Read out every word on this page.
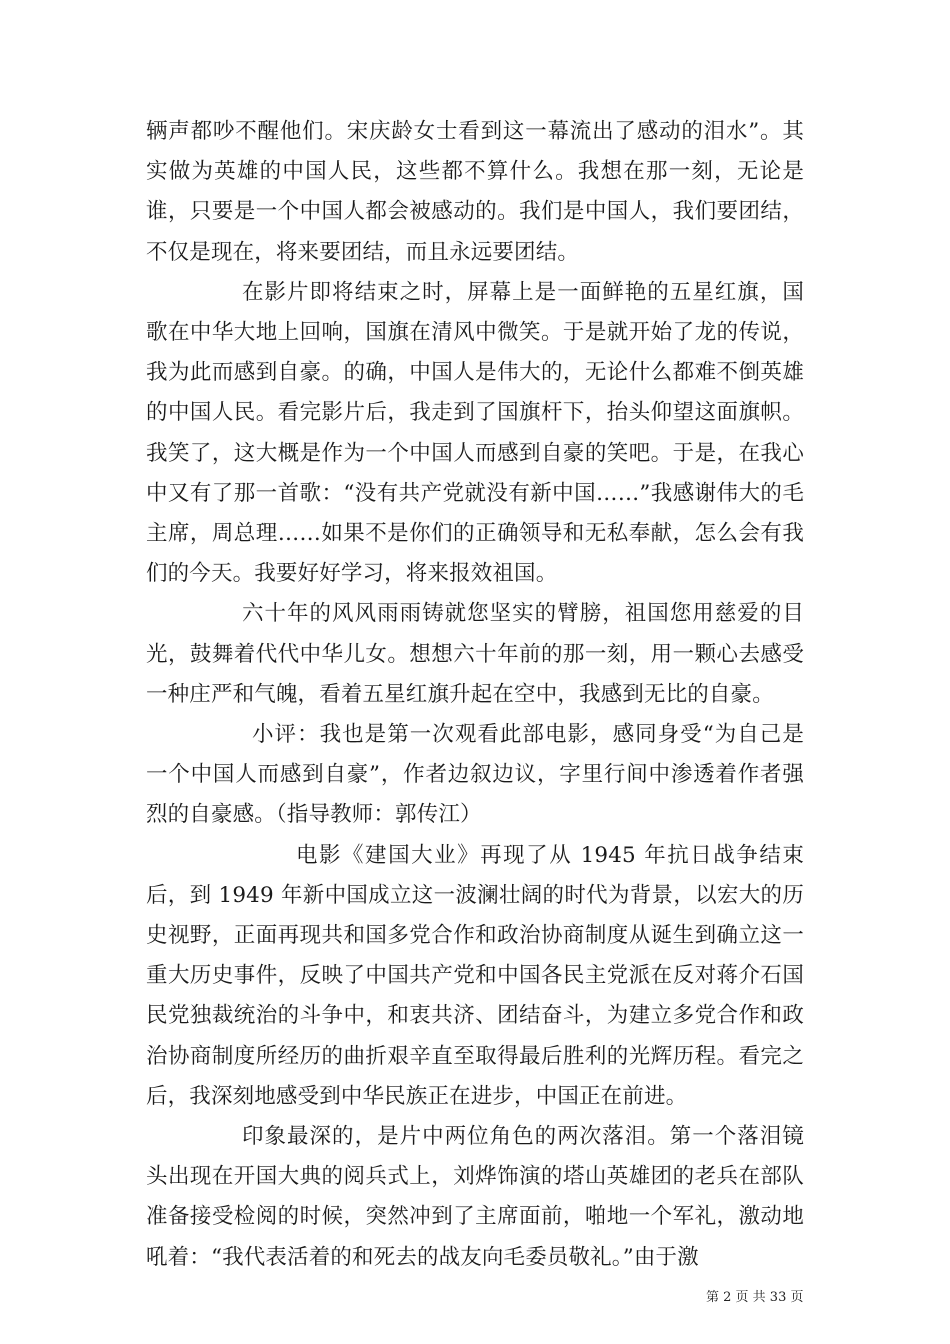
辆声都吵不醒他们。宋庆龄女士看到这一幕流出了感动的泪水”。其实做为英雄的中国人民，这些都不算什么。我想在那一刻，无论是谁，只要是一个中国人都会被感动的。我们是中国人，我们要团结，不仅是现在，将来要团结，而且永远要团结。

在影片即将结束之时，屏幕上是一面鲜艳的五星红旗，国歌在中华大地上回响，国旗在清风中微笑。于是就开始了龙的传说，我为此而感到自豪。的确，中国人是伟大的，无论什么都难不倒英雄的中国人民。看完影片后，我走到了国旗杆下，抬头仰望这面旗帜。我笑了，这大概是作为一个中国人而感到自豪的笑吧。于是，在我心中又有了那一首歌：“没有共产党就没有新中国……”我感谢伟大的毛主席，周总理……如果不是你们的正确领导和无私奉献，怎么会有我们的今天。我要好好学习，将来报效祖国。

六十年的风风雨雨铸就您坚实的臂膀，祖国您用慈爱的目光，鼓舞着代代中华儿女。想想六十年前的那一刻，用一颗心去感受一种庄严和气魄，看着五星红旗升起在空中，我感到无比的自豪。

小评：我也是第一次观看此部电影，感同身受“为自己是一个中国人而感到自豪”，作者边叙边议，字里行间中渗透着作者强烈的自豪感。（指导教师：郭传江）

电影《建国大业》再现了从 1945 年抗日战争结束后，到 1949 年新中国成立这一波澜壮阔的时代为背景，以宏大的历史视野，正面再现共和国多党合作和政治协商制度从诞生到确立这一重大历史事件，反映了中国共产党和中国各民主党派在反对蒋介石国民党独裁统治的斗争中，和衷共济、团结奋斗，为建立多党合作和政治协商制度所经历的曲折艰辛直至取得最后胜利的光辉历程。看完之后，我深刻地感受到中华民族正在进步，中国正在前进。

印象最深的，是片中两位角色的两次落泪。第一个落泪镜头出现在开国大典的阅兵式上，刘烨饰演的塔山英雄团的老兵在部队准备接受检阅的时候，突然冲到了主席面前，啪地一个军礼，激动地吼着：“我代表活着的和死去的战友向毛委员敬礼。”由于激

第 2 页 共 33 页
